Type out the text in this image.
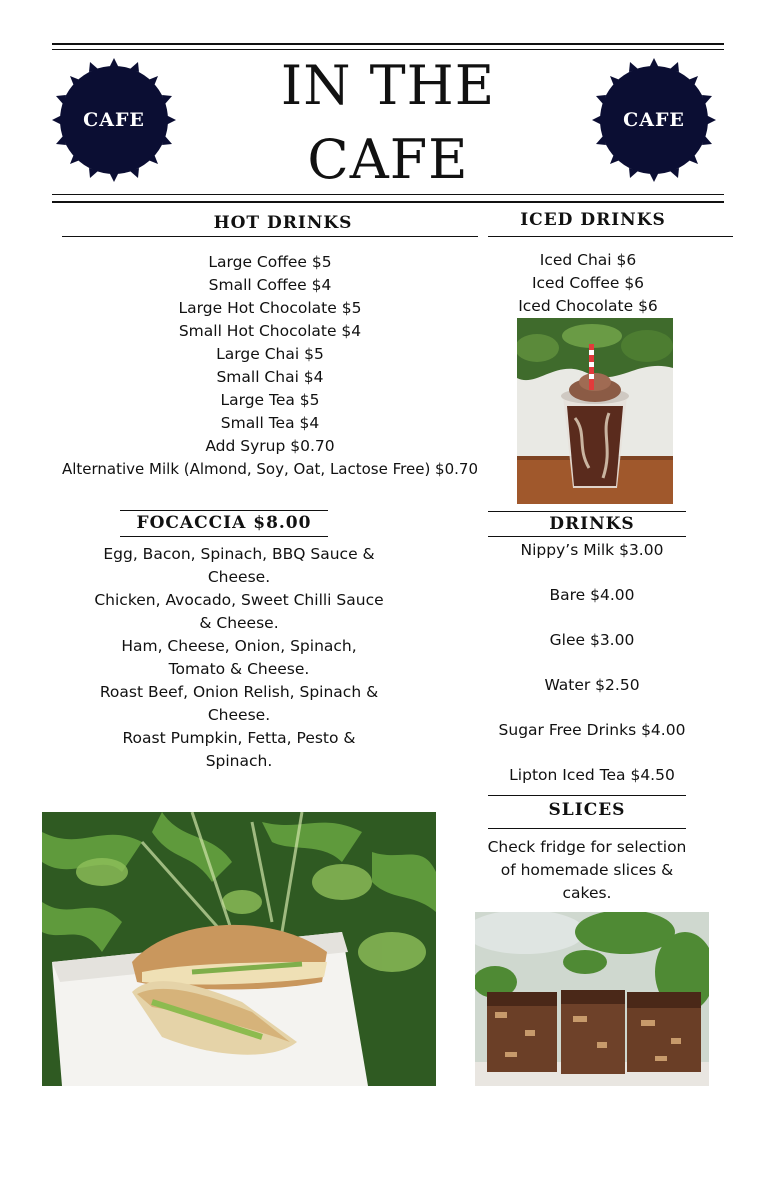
CAFE	CAFE
IN THE
CAFE
HOT DRINKS
Large Coffee $5
Small Coffee $4
Large Hot Chocolate $5
Small Hot Chocolate $4
Large Chai $5
Small Chai $4
Large Tea $5
Small Tea $4
Add Syrup $0.70
Alternative Milk (Almond, Soy, Oat, Lactose Free) $0.70
ICED DRINKS
Iced Chai $6
Iced Coffee $6
Iced Chocolate $6
FOCACCIA $8.00
Egg, Bacon, Spinach, BBQ Sauce & Cheese.
Chicken, Avocado, Sweet Chilli Sauce & Cheese.
Ham, Cheese, Onion, Spinach, Tomato & Cheese.
Roast Beef, Onion Relish, Spinach & Cheese.
Roast Pumpkin, Fetta, Pesto & Spinach.
DRINKS
Nippy’s Milk $3.00
Bare $4.00
Glee $3.00
Water $2.50
Sugar Free Drinks $4.00
Lipton Iced Tea $4.50
SLICES
Check fridge for selection of homemade slices & cakes.
